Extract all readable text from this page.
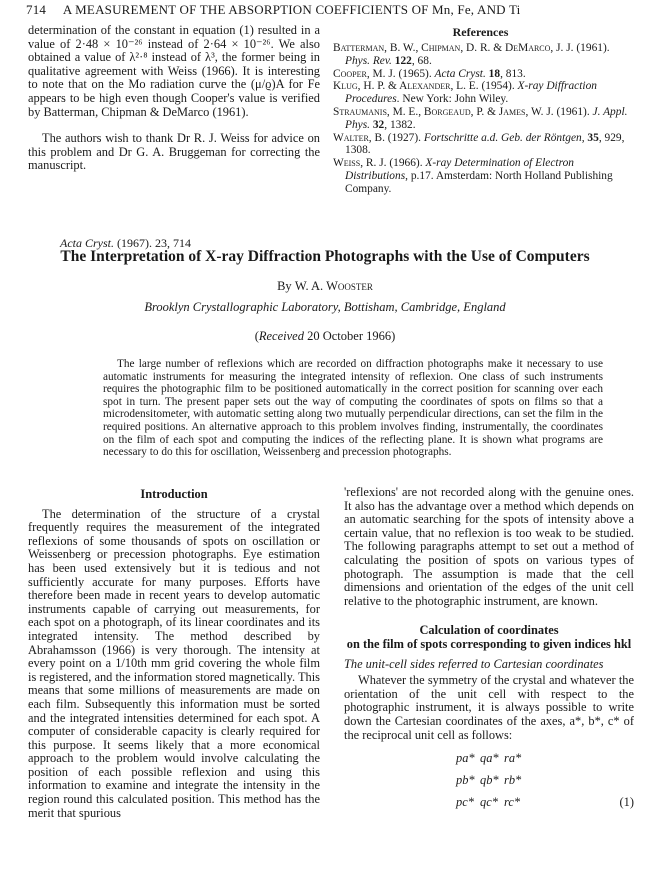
714 A MEASUREMENT OF THE ABSORPTION COEFFICIENTS OF Mn, Fe, AND Ti

determination of the constant in equation (1) resulted in a value of 2·48 × 10⁻²⁶ instead of 2·64 × 10⁻²⁶. We also obtained a value of λ²·⁸ instead of λ³, the former being in qualitative agreement with Weiss (1966). It is interesting to note that on the Mo radiation curve the (μ/ϱ)A for Fe appears to be high even though Cooper's value is verified by Batterman, Chipman & DeMarco (1961).

The authors wish to thank Dr R. J. Weiss for advice on this problem and Dr G. A. Bruggeman for correcting the manuscript.

References
Batterman, B. W., Chipman, D. R. & DeMarco, J. J. (1961). Phys. Rev. 122, 68.
Cooper, M. J. (1965). Acta Cryst. 18, 813.
Klug, H. P. & Alexander, L. E. (1954). X-ray Diffraction Procedures. New York: John Wiley.
Straumanis, M. E., Borgeaud, P. & James, W. J. (1961). J. Appl. Phys. 32, 1382.
Walter, B. (1927). Fortschritte a.d. Geb. der Röntgen, 35, 929, 1308.
Weiss, R. J. (1966). X-ray Determination of Electron Distributions, p.17. Amsterdam: North Holland Publishing Company.
Acta Cryst. (1967). 23, 714
The Interpretation of X-ray Diffraction Photographs with the Use of Computers
By W. A. Wooster
Brooklyn Crystallographic Laboratory, Bottisham, Cambridge, England
(Received 20 October 1966)
The large number of reflexions which are recorded on diffraction photographs make it necessary to use automatic instruments for measuring the integrated intensity of reflexion. One class of such instruments requires the photographic film to be positioned automatically in the correct position for scanning over each spot in turn. The present paper sets out the way of computing the coordinates of spots on films so that a microdensitometer, with automatic setting along two mutually perpendicular directions, can set the film in the required positions. An alternative approach to this problem involves finding, instrumentally, the coordinates on the film of each spot and computing the indices of the reflecting plane. It is shown what programs are necessary to do this for oscillation, Weissenberg and precession photographs.
Introduction

The determination of the structure of a crystal frequently requires the measurement of the integrated reflexions of some thousands of spots on oscillation or Weissenberg or precession photographs. Eye estimation has been used extensively but it is tedious and not sufficiently accurate for many purposes. Efforts have therefore been made in recent years to develop automatic instruments capable of carrying out measurements, for each spot on a photograph, of its linear coordinates and its integrated intensity. The method described by Abrahamsson (1966) is very thorough. The intensity at every point on a 1/10th mm grid covering the whole film is registered, and the information stored magnetically. This means that some millions of measurements are made on each film. Subsequently this information must be sorted and the integrated intensities determined for each spot. A computer of considerable capacity is clearly required for this purpose. It seems likely that a more economical approach to the problem would involve calculating the position of each possible reflexion and using this information to examine and integrate the intensity in the region round this calculated position. This method has the merit that spurious

'reflexions' are not recorded along with the genuine ones. It also has the advantage over a method which depends on an automatic searching for the spots of intensity above a certain value, that no reflexion is too weak to be studied. The following paragraphs attempt to set out a method of calculating the position of spots on various types of photograph. The assumption is made that the cell dimensions and orientation of the edges of the unit cell relative to the photographic instrument, are known.

Calculation of coordinates
on the film of spots corresponding to given indices hkl
The unit-cell sides referred to Cartesian coordinates

Whatever the symmetry of the crystal and whatever the orientation of the unit cell with respect to the photographic instrument, it is always possible to write down the Cartesian coordinates of the axes, a*, b*, c* of the reciprocal unit cell as follows:

pa* qa* ra*
pb* qb* rb*
pc* qc* rc*	(1)
